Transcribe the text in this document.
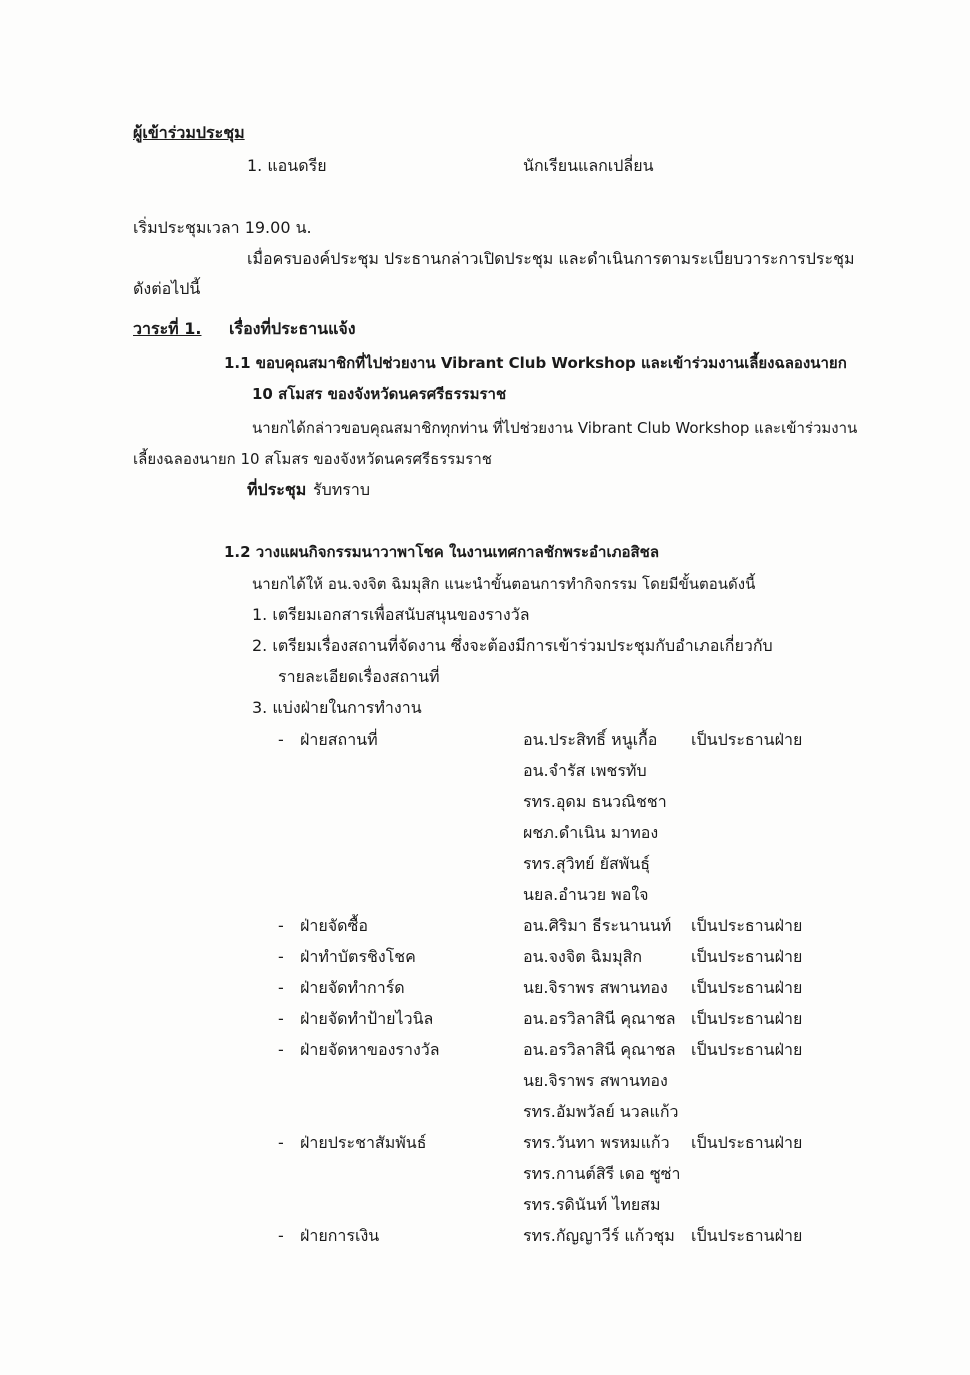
ผู้เข้าร่วมประชุม
1. แอนดรีย	นักเรียนแลกเปลี่ยน
เริ่มประชุมเวลา 19.00 น.
เมื่อครบองค์ประชุม ประธานกล่าวเปิดประชุม และดำเนินการตามระเบียบวาระการประชุม
ดังต่อไปนี้
วาระที่ 1. เรื่องที่ประธานแจ้ง
1.1 ขอบคุณสมาชิกที่ไปช่วยงาน Vibrant Club Workshop และเข้าร่วมงานเลี้ยงฉลองนายก
10 สโมสร ของจังหวัดนครศรีธรรมราช
นายกได้กล่าวขอบคุณสมาชิกทุกท่าน ที่ไปช่วยงาน Vibrant Club Workshop และเข้าร่วมงาน
เลี้ยงฉลองนายก 10 สโมสร ของจังหวัดนครศรีธรรมราช
ที่ประชุม รับทราบ
1.2 วางแผนกิจกรรมนาวาพาโชค ในงานเทศกาลชักพระอำเภอสิชล
นายกได้ให้ อน.จงจิต ฉิมมุสิก แนะนำขั้นตอนการทำกิจกรรม โดยมีขั้นตอนดังนี้
1. เตรียมเอกสารเพื่อสนับสนุนของรางวัล
2. เตรียมเรื่องสถานที่จัดงาน ซึ่งจะต้องมีการเข้าร่วมประชุมกับอำเภอเกี่ยวกับ
รายละเอียดเรื่องสถานที่
3. แบ่งฝ่ายในการทำงาน
- ฝ่ายสถานที่	อน.ประสิทธิ์ หนูเกื้อ เป็นประธานฝ่าย
อน.จำรัส เพชรทับ
รทร.อุดม ธนวณิชชา
ผชภ.ดำเนิน มาทอง
รทร.สุวิทย์ ยัสพันธุ์
นยล.อำนวย พอใจ
- ฝ่ายจัดซื้อ	อน.ศิริมา ธีระนานนท์ เป็นประธานฝ่าย
- ฝ่าทำบัตรชิงโชค	อน.จงจิต ฉิมมุสิก	เป็นประธานฝ่าย
- ฝ่ายจัดทำการ์ด	นย.จิราพร สพานทอง เป็นประธานฝ่าย
- ฝ่ายจัดทำป้ายไวนิล	อน.อรวิลาสินี คุณาชล เป็นประธานฝ่าย
- ฝ่ายจัดหาของรางวัล	อน.อรวิลาสินี คุณาชล เป็นประธานฝ่าย
นย.จิราพร สพานทอง
รทร.อัมพวัลย์ นวลแก้ว
- ฝ่ายประชาสัมพันธ์	รทร.วันทา พรหมแก้ว เป็นประธานฝ่าย
รทร.กานต์สิรี เดอ ซูซ่า
รทร.รดินันท์ ไทยสม
- ฝ่ายการเงิน	รทร.กัญญาวีร์ แก้วชุม เป็นประธานฝ่าย
